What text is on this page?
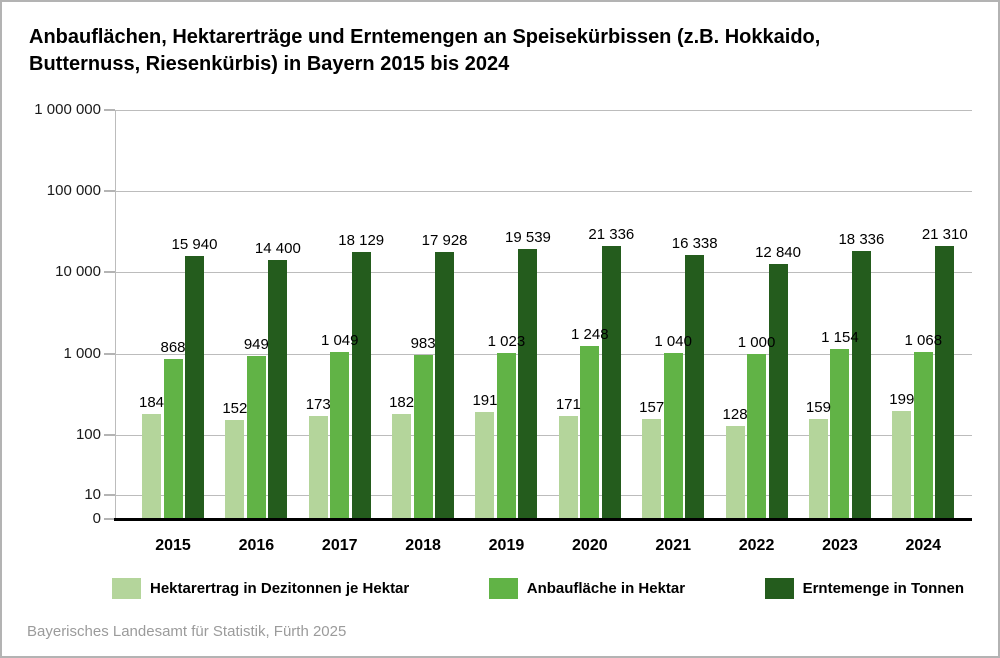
Anbauflächen, Hektarerträge und Erntemengen an Speisekürbissen (z.B. Hokkaido,
Butternuss, Riesenkürbis) in Bayern 2015 bis 2024
1 000 000
100 000
10 000
1 000
100
10
0
184
868
15 940
2015
152
949
14 400
2016
173
1 049
18 129
2017
182
983
17 928
2018
191
1 023
19 539
2019
171
1 248
21 336
2020
157
1 040
16 338
2021
128
1 000
12 840
2022
159
1 154
18 336
2023
199
1 068
21 310
2024
Hektarertrag in Dezitonnen je Hektar	Anbaufläche in Hektar	Erntemenge in Tonnen
Bayerisches Landesamt für Statistik, Fürth 2025
